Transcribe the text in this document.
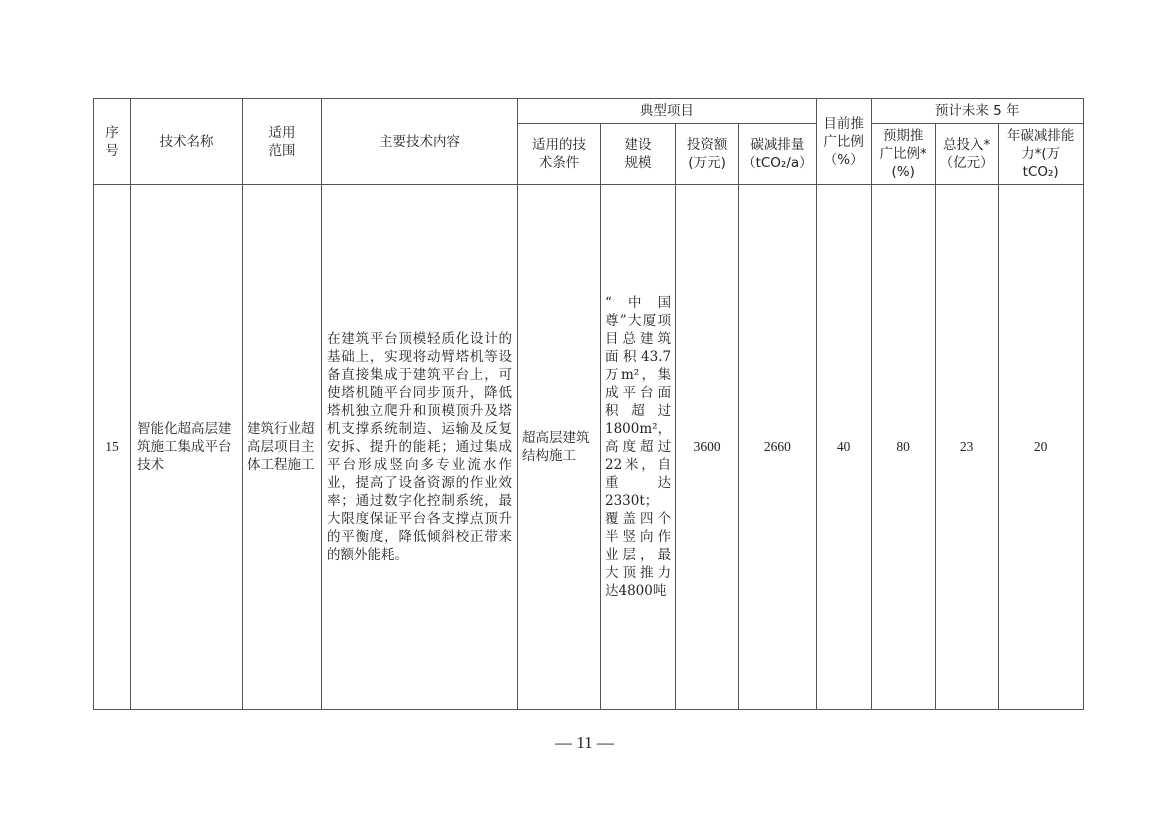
序号	技术名称	适用范围	主要技术内容	典型项目				目前推广比例（%）	预计未来 5 年		
				适用的技术条件	建设规模	投资额(万元)	碳减排量（tCO₂/a）		预期推广比例*(%)	总投入*（亿元）	年碳减排能力*(万 tCO₂)
15	智能化超高层建筑施工集成平台技术	建筑行业超高层项目主体工程施工	在建筑平台顶模轻质化设计的基础上，实现将动臂塔机等设备直接集成于建筑平台上，可使塔机随平台同步顶升，降低塔机独立爬升和顶模顶升及塔机支撑系统制造、运输及反复安拆、提升的能耗；通过集成平台形成竖向多专业流水作业，提高了设备资源的作业效率；通过数字化控制系统，最大限度保证平台各支撑点顶升的平衡度，降低倾斜校正带来的额外能耗。	超高层建筑结构施工	“中国尊”大厦项目总建筑面积43.7万m²，集成平台面积超过1800m²，高度超过22米，自重达2330t；覆盖四个半竖向作业层，最大顶推力达4800吨	3600	2660	40	80	23	20
— 11 —
